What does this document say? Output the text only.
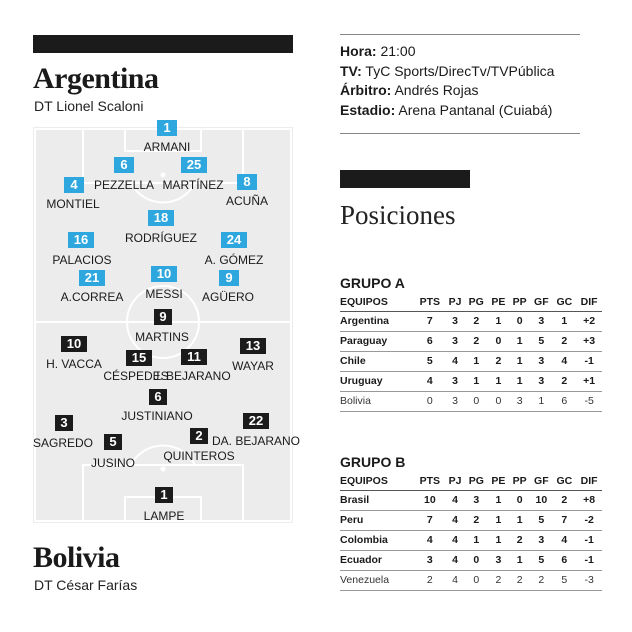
Argentina
DT Lionel Scaloni
Bolivia
DT César Farías
1
ARMANI
6
PEZZELLA
25
MARTÍNEZ
4
MONTIEL
8
ACUÑA
18
RODRÍGUEZ
16
PALACIOS
24
A. GÓMEZ
21
A.CORREA
10
MESSI
9
AGÜERO
9
MARTINS
10
H. VACCA	15
CÉSPEDES
11
J. BEJARANO
13
WAYAR
6
JUSTINIANO
3
SAGREDO
22
DA. BEJARANO
5
JUSINO
2
QUINTEROS
1
LAMPE
Hora: 21:00
TV: TyC Sports/DirecTv/TVPública
Árbitro: Andrés Rojas
Estadio: Arena Pantanal (Cuiabá)
Posiciones
GRUPO A
EQUIPOS	PTS	PJ	PG	PE	PP	GF	GC	DIF
Argentina	7	3	2	1	0	3	1	+2
Paraguay	6	3	2	0	1	5	2	+3
Chile	5	4	1	2	1	3	4	-1
Uruguay	4	3	1	1	1	3	2	+1
Bolivia	0	3	0	0	3	1	6	-5
GRUPO B
EQUIPOS	PTS	PJ	PG	PE	PP	GF	GC	DIF
Brasil	10	4	3	1	0	10	2	+8
Peru	7	4	2	1	1	5	7	-2
Colombia	4	4	1	1	2	3	4	-1
Ecuador	3	4	0	3	1	5	6	-1
Venezuela	2	4	0	2	2	2	5	-3
